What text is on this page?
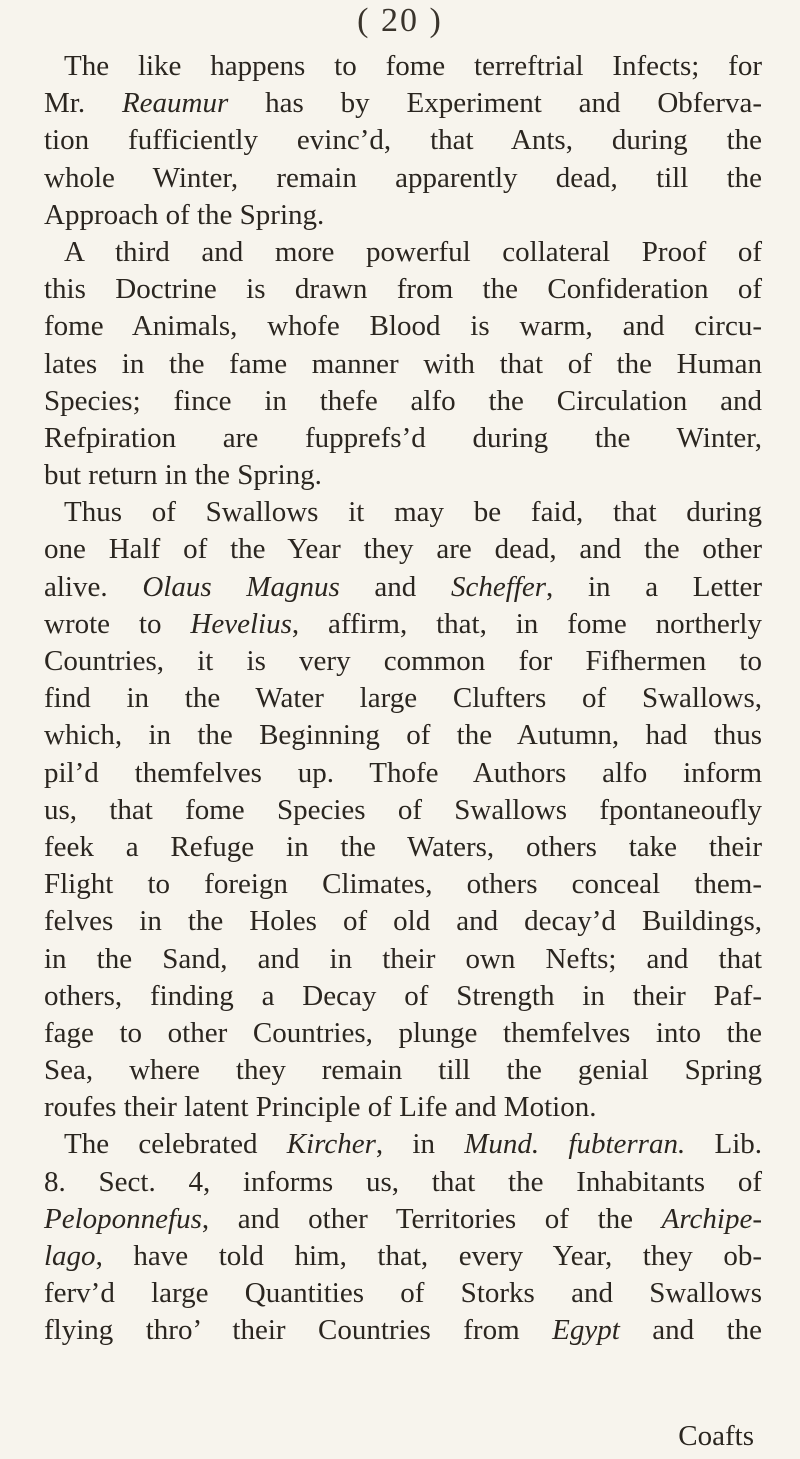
( 20 )
The like happens to fome terreftrial Infects; for
Mr. Reaumur has by Experiment and Obferva-
tion fufficiently evinc’d, that Ants, during the
whole Winter, remain apparently dead, till the
Approach of the Spring.
A third and more powerful collateral Proof of
this Doctrine is drawn from the Confideration of
fome Animals, whofe Blood is warm, and circu-
lates in the fame manner with that of the Human
Species; fince in thefe alfo the Circulation and
Refpiration are fupprefs’d during the Winter,
but return in the Spring.
Thus of Swallows it may be faid, that during
one Half of the Year they are dead, and the other
alive. Olaus Magnus and Scheffer, in a Letter
wrote to Hevelius, affirm, that, in fome northerly
Countries, it is very common for Fifhermen to
find in the Water large Clufters of Swallows,
which, in the Beginning of the Autumn, had thus
pil’d themfelves up. Thofe Authors alfo inform
us, that fome Species of Swallows fpontaneoufly
feek a Refuge in the Waters, others take their
Flight to foreign Climates, others conceal them-
felves in the Holes of old and decay’d Buildings,
in the Sand, and in their own Nefts; and that
others, finding a Decay of Strength in their Paf-
fage to other Countries, plunge themfelves into the
Sea, where they remain till the genial Spring
roufes their latent Principle of Life and Motion.
The celebrated Kircher, in Mund. fubterran. Lib.
8. Sect. 4, informs us, that the Inhabitants of
Peloponnefus, and other Territories of the Archipe-
lago, have told him, that, every Year, they ob-
ferv’d large Quantities of Storks and Swallows
flying thro’ their Countries from Egypt and the
Coafts
